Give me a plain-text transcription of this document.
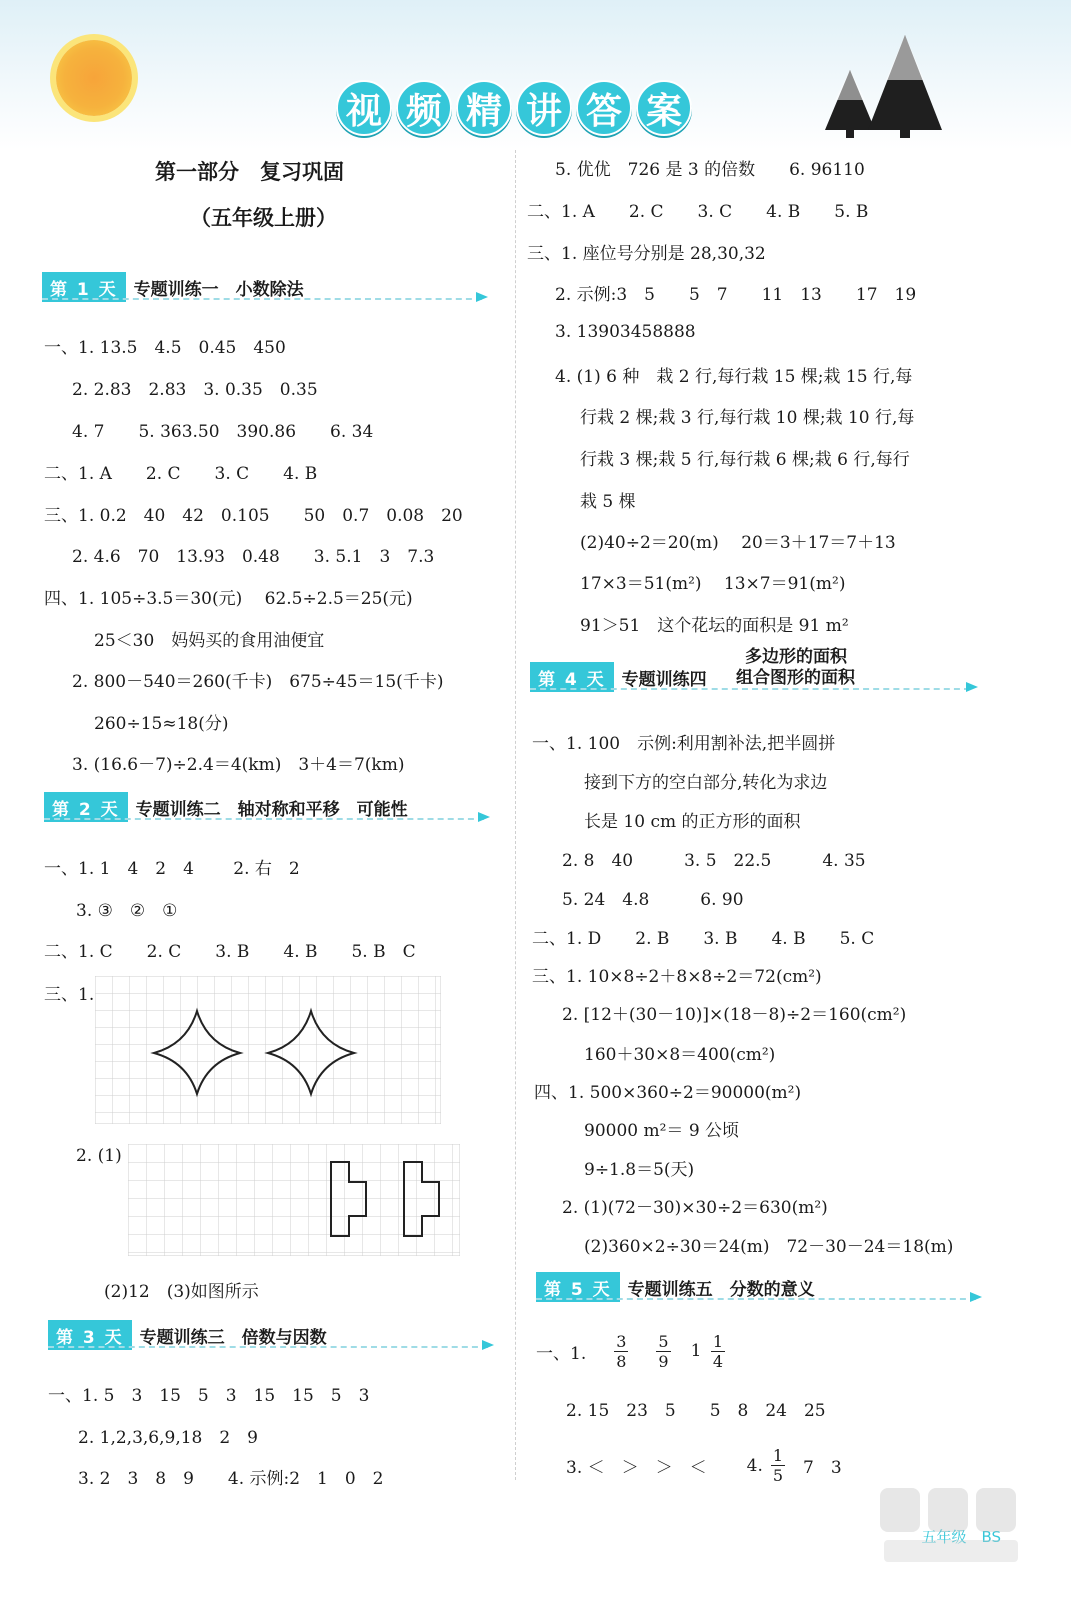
视 频 精 讲 答 案
第一部分　复习巩固
（五年级上册）
第 1 天 专题训练一　小数除法
一、1. 13.5　4.5　0.45　450
2. 2.83　2.83　3. 0.35　0.35
4. 7　　5. 363.50　390.86　　6. 34
二、1. A　　2. C　　3. C　　4. B
三、1. 0.2　40　42　0.105　　50　0.7　0.08　20
2. 4.6　70　13.93　0.48　　3. 5.1　3　7.3
四、1. 105÷3.5＝30(元)　 62.5÷2.5＝25(元)
25＜30　妈妈买的食用油便宜
2. 800－540＝260(千卡)　675÷45＝15(千卡)
260÷15≈18(分)
3. (16.6－7)÷2.4＝4(km)　3＋4＝7(km)
第 2 天 专题训练二　轴对称和平移　可能性
一、1. 1　4　2　4　　 2. 右　2
3. ③　②　①
二、1. C　　2. C　　3. B　　4. B　　5. B　C
三、1.
2. (1)
(2)12　(3)如图所示
第 3 天 专题训练三　倍数与因数
一、1. 5　3　15　5　3　15　15　5　3
2. 1,2,3,6,9,18　2　9
3. 2　3　8　9　　4. 示例:2　1　0　2
5. 优优　726 是 3 的倍数　　6. 96110
二、1. A　　2. C　　3. C　　4. B　　5. B
三、1. 座位号分别是 28,30,32
2. 示例:3　5　　5　7　　11　13　　17　19
3. 13903458888
4. (1) 6 种　栽 2 行,每行栽 15 棵;栽 15 行,每
行栽 2 棵;栽 3 行,每行栽 10 棵;栽 10 行,每
行栽 3 棵;栽 5 行,每行栽 6 棵;栽 6 行,每行
栽 5 棵
(2)40÷2＝20(m)　 20＝3＋17＝7＋13
17×3＝51(m²)　 13×7＝91(m²)
91＞51　这个花坛的面积是 91 m²
多边形的面积
第 4 天 专题训练四 组合图形的面积
一、1. 100　示例:利用割补法,把半圆拼
接到下方的空白部分,转化为求边
长是 10 cm 的正方形的面积
2. 8　40　　　3. 5　22.5　　　4. 35
5. 24　4.8　　　6. 90
二、1. D　　2. B　　3. B　　4. B　　5. C
三、1. 10×8÷2＋8×8÷2＝72(cm²)
2. [12＋(30－10)]×(18－8)÷2＝160(cm²)
160＋30×8＝400(cm²)
四、1. 500×360÷2＝90000(m²)
90000 m²＝ 9 公顷
9÷1.8＝5(天)
2. (1)(72－30)×30÷2＝630(m²)
(2)360×2÷30＝24(m)　72－30－24＝18(m)
第 5 天 专题训练五　分数的意义
一、1. $\frac{3}{8} \frac{5}{9} 1 \frac{1}{4}$
2. 15　23　5　　5　8　24　25
3. ＜　＞　＞　＜ 4. $\frac{1}{5} 7$　3
五年级　BS
